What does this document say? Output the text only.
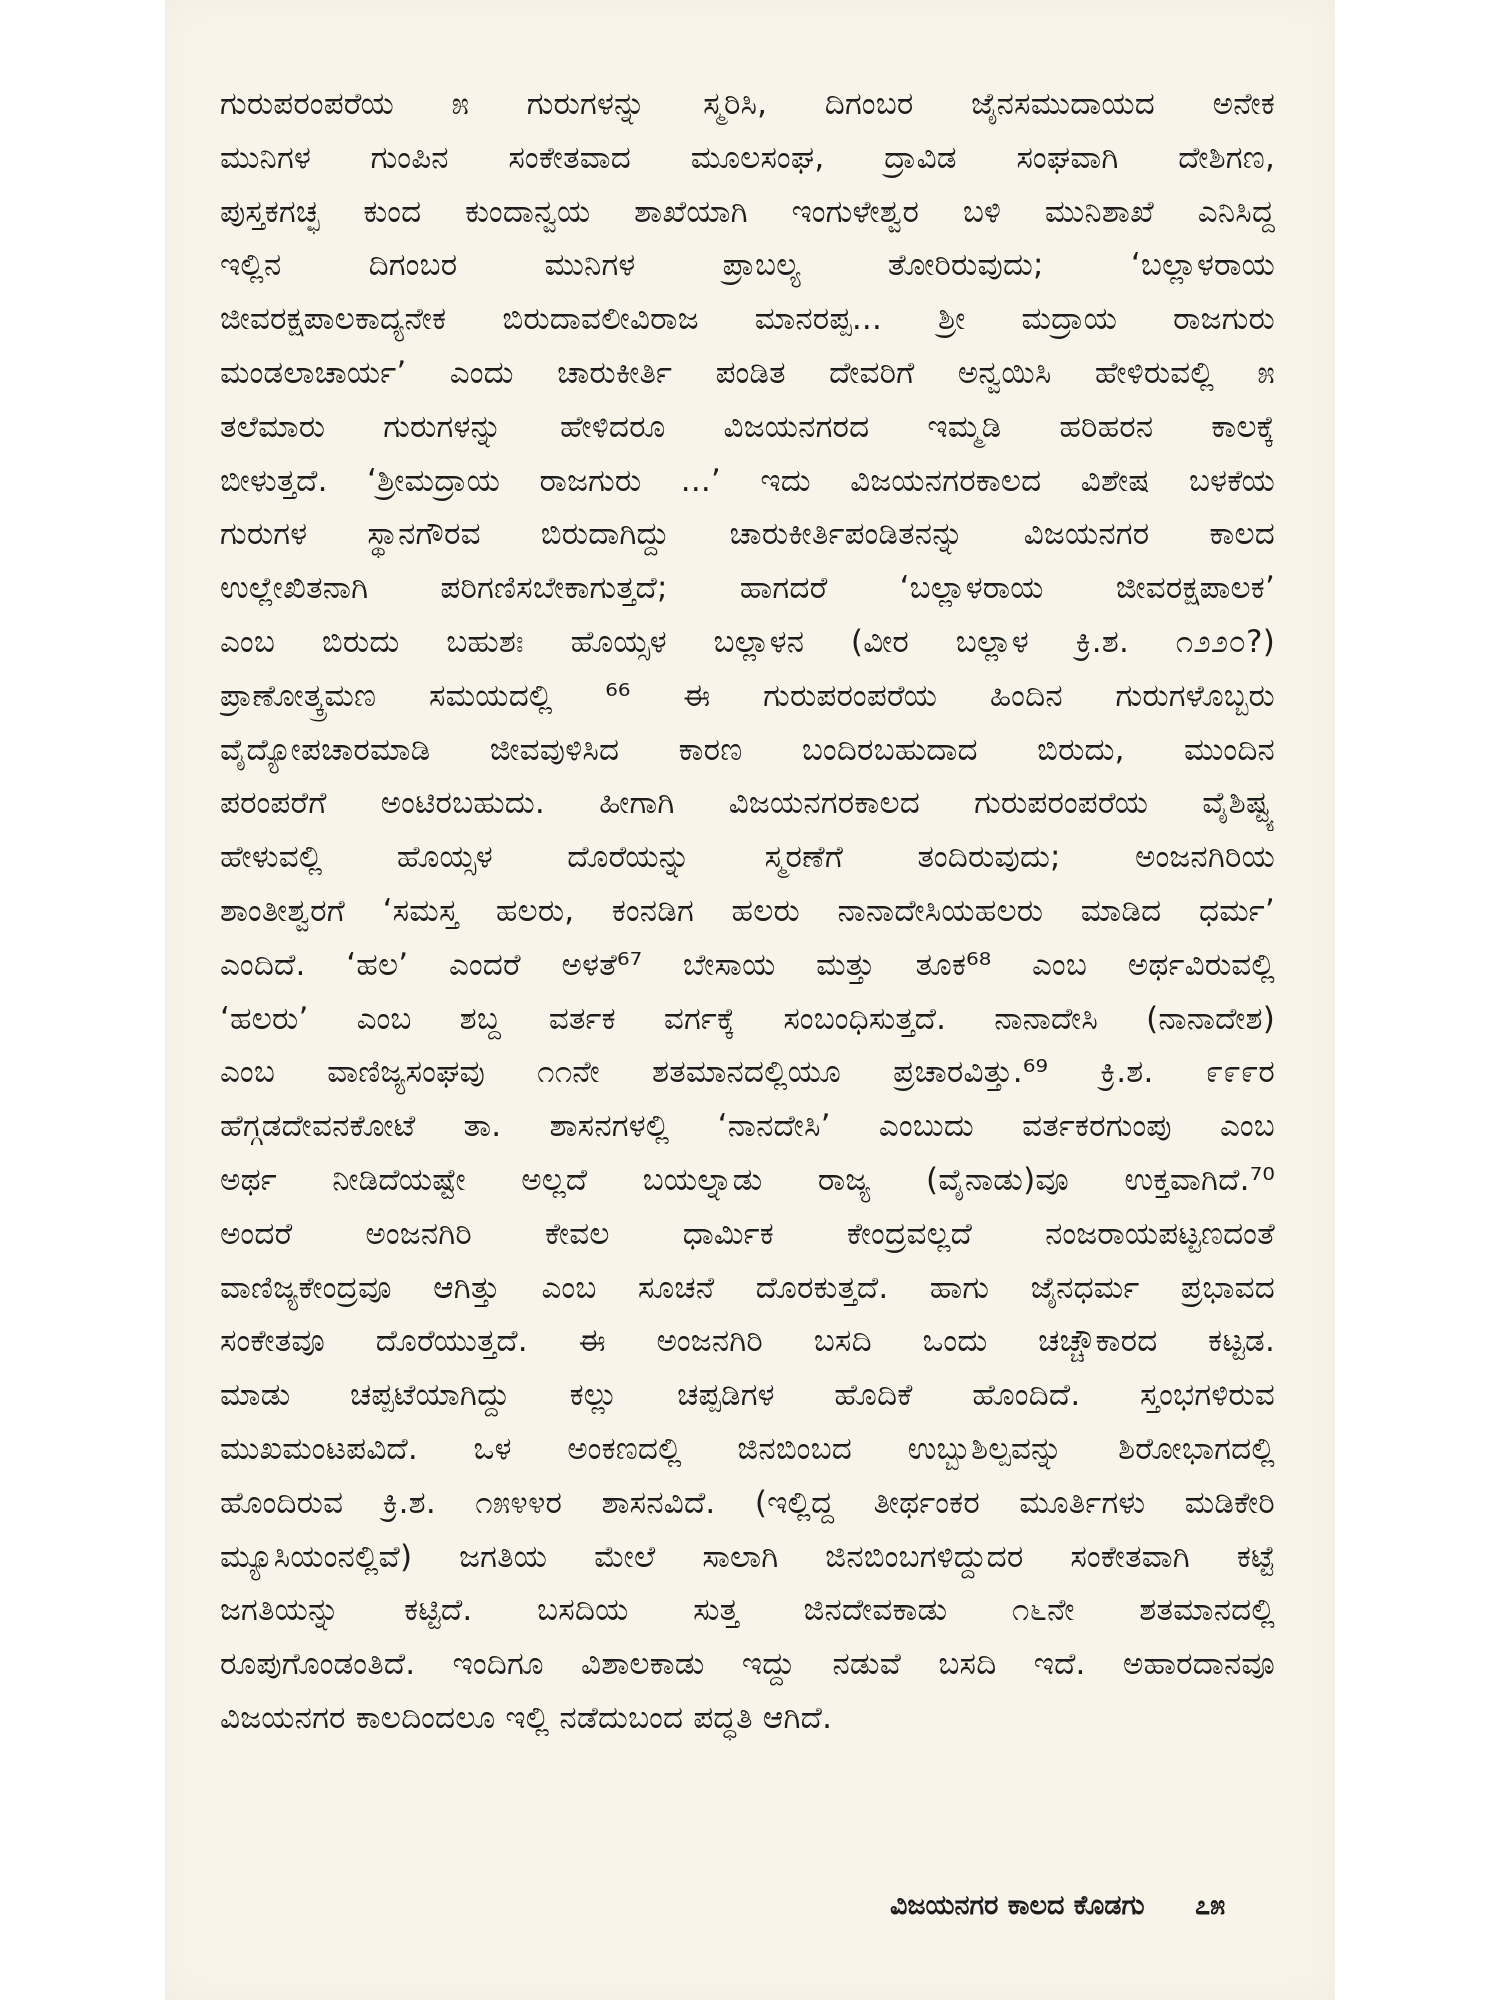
ಗುರುಪರಂಪರೆಯ ೫ ಗುರುಗಳನ್ನು ಸ್ಮರಿಸಿ, ದಿಗಂಬರ ಜೈನಸಮುದಾಯದ ಅನೇಕ
ಮುನಿಗಳ ಗುಂಪಿನ ಸಂಕೇತವಾದ ಮೂಲಸಂಘ, ದ್ರಾವಿಡ ಸಂಘವಾಗಿ ದೇಶಿಗಣ,
ಪುಸ್ತಕಗಚ್ಛ ಕುಂದ ಕುಂದಾನ್ವಯ ಶಾಖೆಯಾಗಿ ಇಂಗುಳೇಶ್ವರ ಬಳಿ ಮುನಿಶಾಖೆ ಎನಿಸಿದ್ದ
ಇಲ್ಲಿನ ದಿಗಂಬರ ಮುನಿಗಳ ಪ್ರಾಬಲ್ಯ ತೋರಿರುವುದು; ‘ಬಲ್ಲಾಳರಾಯ
ಜೀವರಕ್ಷಪಾಲಕಾದ್ಯನೇಕ ಬಿರುದಾವಲೀವಿರಾಜ ಮಾನರಪ್ಪ... ಶ್ರೀ ಮದ್ರಾಯ ರಾಜಗುರು
ಮಂಡಲಾಚಾರ್ಯ’ ಎಂದು ಚಾರುಕೀರ್ತಿ ಪಂಡಿತ ದೇವರಿಗೆ ಅನ್ವಯಿಸಿ ಹೇಳಿರುವಲ್ಲಿ ೫
ತಲೆಮಾರು ಗುರುಗಳನ್ನು ಹೇಳಿದರೂ ವಿಜಯನಗರದ ಇಮ್ಮಡಿ ಹರಿಹರನ ಕಾಲಕ್ಕೆ
ಬೀಳುತ್ತದೆ. ‘ಶ್ರೀಮದ್ರಾಯ ರಾಜಗುರು ...’ ಇದು ವಿಜಯನಗರಕಾಲದ ವಿಶೇಷ ಬಳಕೆಯ
ಗುರುಗಳ ಸ್ಥಾನಗೌರವ ಬಿರುದಾಗಿದ್ದು ಚಾರುಕೀರ್ತಿಪಂಡಿತನನ್ನು ವಿಜಯನಗರ ಕಾಲದ
ಉಲ್ಲೇಖಿತನಾಗಿ ಪರಿಗಣಿಸಬೇಕಾಗುತ್ತದೆ; ಹಾಗದರೆ ‘ಬಲ್ಲಾಳರಾಯ ಜೀವರಕ್ಷಪಾಲಕ’
ಎಂಬ ಬಿರುದು ಬಹುಶಃ ಹೊಯ್ಸಳ ಬಲ್ಲಾಳನ (ವೀರ ಬಲ್ಲಾಳ ಕ್ರಿ.ಶ. ೧೨೨೦?)
ಪ್ರಾಣೋತ್ಕ್ರಮಣ ಸಮಯದಲ್ಲಿ ⁶⁶ ಈ ಗುರುಪರಂಪರೆಯ ಹಿಂದಿನ ಗುರುಗಳೊಬ್ಬರು
ವೈದ್ಯೋಪಚಾರಮಾಡಿ ಜೀವವುಳಿಸಿದ ಕಾರಣ ಬಂದಿರಬಹುದಾದ ಬಿರುದು, ಮುಂದಿನ
ಪರಂಪರೆಗೆ ಅಂಟಿರಬಹುದು. ಹೀಗಾಗಿ ವಿಜಯನಗರಕಾಲದ ಗುರುಪರಂಪರೆಯ ವೈಶಿಷ್ಟ್ಯ
ಹೇಳುವಲ್ಲಿ ಹೊಯ್ಸಳ ದೊರೆಯನ್ನು ಸ್ಮರಣೆಗೆ ತಂದಿರುವುದು; ಅಂಜನಗಿರಿಯ
ಶಾಂತೀಶ್ವರಗೆ ‘ಸಮಸ್ತ ಹಲರು, ಕಂನಡಿಗ ಹಲರು ನಾನಾದೇಸಿಯಹಲರು ಮಾಡಿದ ಧರ್ಮ’
ಎಂದಿದೆ. ‘ಹಲ’ ಎಂದರೆ ಅಳತೆ⁶⁷ ಬೇಸಾಯ ಮತ್ತು ತೂಕ⁶⁸ ಎಂಬ ಅರ್ಥವಿರುವಲ್ಲಿ
‘ಹಲರು’ ಎಂಬ ಶಬ್ದ ವರ್ತಕ ವರ್ಗಕ್ಕೆ ಸಂಬಂಧಿಸುತ್ತದೆ. ನಾನಾದೇಸಿ (ನಾನಾದೇಶ)
ಎಂಬ ವಾಣಿಜ್ಯಸಂಘವು ೧೧ನೇ ಶತಮಾನದಲ್ಲಿಯೂ ಪ್ರಚಾರವಿತ್ತು.⁶⁹ ಕ್ರಿ.ಶ. ೯೯೯ರ
ಹೆಗ್ಗಡದೇವನಕೋಟೆ ತಾ. ಶಾಸನಗಳಲ್ಲಿ ‘ನಾನದೇಸಿ’ ಎಂಬುದು ವರ್ತಕರಗುಂಪು ಎಂಬ
ಅರ್ಥ ನೀಡಿದೆಯಷ್ಟೇ ಅಲ್ಲದೆ ಬಯಲ್ನಾಡು ರಾಜ್ಯ (ವೈನಾಡು)ವೂ ಉಕ್ತವಾಗಿದೆ.⁷⁰
ಅಂದರೆ ಅಂಜನಗಿರಿ ಕೇವಲ ಧಾರ್ಮಿಕ ಕೇಂದ್ರವಲ್ಲದೆ ನಂಜರಾಯಪಟ್ಟಣದಂತೆ
ವಾಣಿಜ್ಯಕೇಂದ್ರವೂ ಆಗಿತ್ತು ಎಂಬ ಸೂಚನೆ ದೊರಕುತ್ತದೆ. ಹಾಗು ಜೈನಧರ್ಮ ಪ್ರಭಾವದ
ಸಂಕೇತವೂ ದೊರೆಯುತ್ತದೆ. ಈ ಅಂಜನಗಿರಿ ಬಸದಿ ಒಂದು ಚಚ್ಚೌಕಾರದ ಕಟ್ಟಡ.
ಮಾಡು ಚಪ್ಪಟೆಯಾಗಿದ್ದು ಕಲ್ಲು ಚಪ್ಪಡಿಗಳ ಹೊದಿಕೆ ಹೊಂದಿದೆ. ಸ್ತಂಭಗಳಿರುವ
ಮುಖಮಂಟಪವಿದೆ. ಒಳ ಅಂಕಣದಲ್ಲಿ ಜಿನಬಿಂಬದ ಉಬ್ಬುಶಿಲ್ಪವನ್ನು ಶಿರೋಭಾಗದಲ್ಲಿ
ಹೊಂದಿರುವ ಕ್ರಿ.ಶ. ೧೫೪೪ರ ಶಾಸನವಿದೆ. (ಇಲ್ಲಿದ್ದ ತೀರ್ಥಂಕರ ಮೂರ್ತಿಗಳು ಮಡಿಕೇರಿ
ಮ್ಯೂಸಿಯಂನಲ್ಲಿವೆ) ಜಗತಿಯ ಮೇಲೆ ಸಾಲಾಗಿ ಜಿನಬಿಂಬಗಳಿದ್ದುದರ ಸಂಕೇತವಾಗಿ ಕಟ್ಟೆ
ಜಗತಿಯನ್ನು ಕಟ್ಟಿದೆ. ಬಸದಿಯ ಸುತ್ತ ಜಿನದೇವಕಾಡು ೧೬ನೇ ಶತಮಾನದಲ್ಲಿ
ರೂಪುಗೊಂಡಂತಿದೆ. ಇಂದಿಗೂ ವಿಶಾಲಕಾಡು ಇದ್ದು ನಡುವೆ ಬಸದಿ ಇದೆ. ಅಹಾರದಾನವೂ
ವಿಜಯನಗರ ಕಾಲದಿಂದಲೂ ಇಲ್ಲಿ ನಡೆದುಬಂದ ಪದ್ಧತಿ ಆಗಿದೆ.
ವಿಜಯನಗರ ಕಾಲದ ಕೊಡಗು ೭೫
